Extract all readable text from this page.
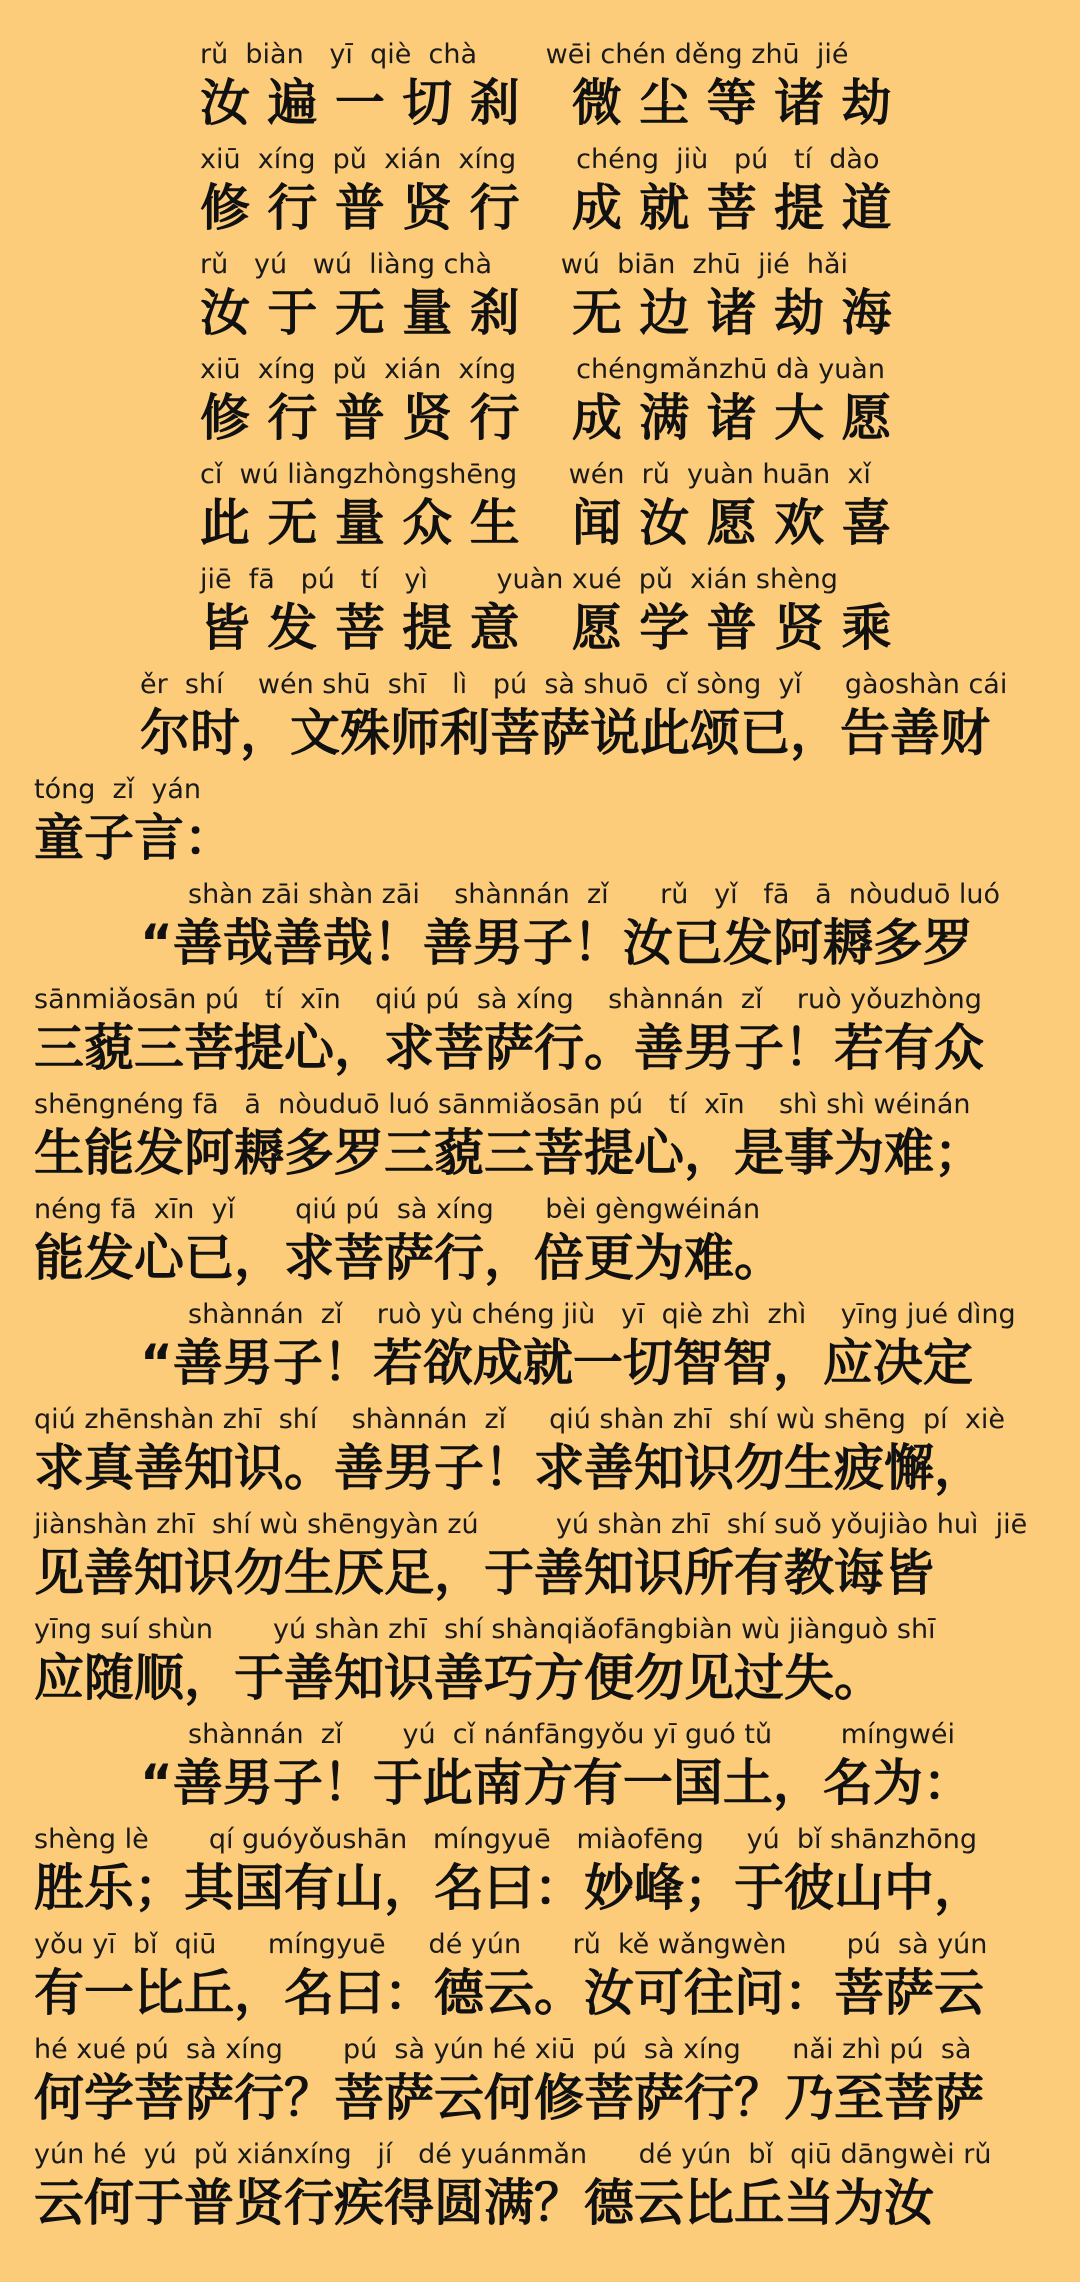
rǔ  biàn   yī  qiè  chà        wēi chén děng zhū  jié
汝 遍 一 切 刹   微 尘 等 诸 劫
xiū  xíng  pǔ  xián  xíng       chéng  jiù   pú   tí  dào
修 行 普 贤 行   成 就 菩 提 道
rǔ   yú   wú  liàng chà        wú  biān  zhū  jié  hǎi
汝 于 无 量 刹   无 边 诸 劫 海
xiū  xíng  pǔ  xián  xíng       chéngmǎnzhū dà yuàn
修 行 普 贤 行   成 满 诸 大 愿
cǐ  wú liàngzhòngshēng      wén  rǔ  yuàn huān  xǐ
此 无 量 众 生   闻 汝 愿 欢 喜
jiē  fā   pú   tí   yì        yuàn xué  pǔ  xián shèng
皆 发 菩 提 意   愿 学 普 贤 乘
ěr  shí    wén shū  shī   lì   pú  sà shuō  cǐ sòng  yǐ     gàoshàn cái
尔时，文殊师利菩萨说此颂已，告善财
tóng  zǐ  yán
童子言：
shàn zāi shàn zāi    shànnán  zǐ      rǔ   yǐ   fā   ā  nòuduō luó
“善哉善哉！善男子！汝已发阿耨多罗
sānmiǎosān pú   tí  xīn    qiú pú  sà xíng    shànnán  zǐ    ruò yǒuzhòng
三藐三菩提心，求菩萨行。善男子！若有众
shēngnéng fā   ā  nòuduō luó sānmiǎosān pú   tí  xīn    shì shì wéinán
生能发阿耨多罗三藐三菩提心，是事为难；
néng fā  xīn  yǐ       qiú pú  sà xíng      bèi gèngwéinán
能发心已，求菩萨行，倍更为难。
shànnán  zǐ    ruò yù chéng jiù   yī  qiè zhì  zhì    yīng jué dìng
“善男子！若欲成就一切智智，应决定
qiú zhēnshàn zhī  shí    shànnán  zǐ     qiú shàn zhī  shí wù shēng  pí  xiè
求真善知识。善男子！求善知识勿生疲懈，
jiànshàn zhī  shí wù shēngyàn zú         yú shàn zhī  shí suǒ yǒujiào huì  jiē
见善知识勿生厌足，于善知识所有教诲皆
yīng suí shùn       yú shàn zhī  shí shànqiǎofāngbiàn wù jiànguò shī
应随顺，于善知识善巧方便勿见过失。
shànnán  zǐ       yú  cǐ nánfāngyǒu yī guó tǔ        míngwéi
“善男子！于此南方有一国土，名为：
shèng lè       qí guóyǒushān   míngyuē   miàofēng     yú  bǐ shānzhōng
胜乐；其国有山，名曰：妙峰；于彼山中，
yǒu yī  bǐ  qiū      míngyuē     dé yún      rǔ  kě wǎngwèn       pú  sà yún
有一比丘，名曰：德云。汝可往问：菩萨云
hé xué pú  sà xíng       pú  sà yún hé xiū  pú  sà xíng      nǎi zhì pú  sà
何学菩萨行？菩萨云何修菩萨行？乃至菩萨
yún hé  yú  pǔ xiánxíng   jí   dé yuánmǎn      dé yún  bǐ  qiū dāngwèi rǔ
云何于普贤行疾得圆满？德云比丘当为汝
